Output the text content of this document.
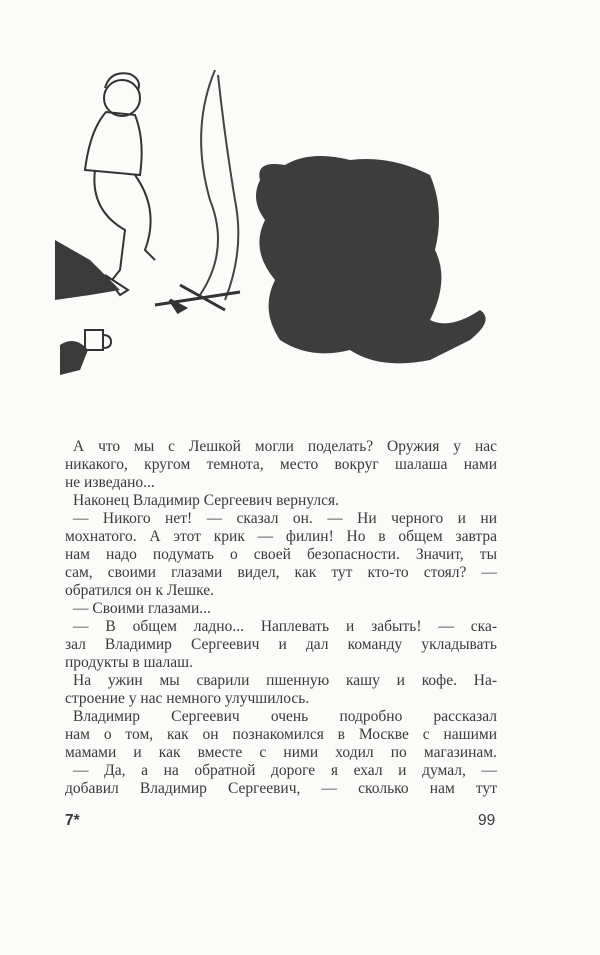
А что мы с Лешкой могли поделать? Оружия у нас
никакого, кругом темнота, место вокруг шалаша нами
не изведано...
Наконец Владимир Сергеевич вернулся.
— Никого нет! — сказал он. — Ни черного и ни
мохнатого. А этот крик — филин! Но в общем завтра
нам надо подумать о своей безопасности. Значит, ты
сам, своими глазами видел, как тут кто-то стоял? —
обратился он к Лешке.
— Своими глазами...
— В общем ладно... Наплевать и забыть! — ска-
зал Владимир Сергеевич и дал команду укладывать
продукты в шалаш.
На ужин мы сварили пшенную кашу и кофе. На-
строение у нас немного улучшилось.
Владимир Сергеевич очень подробно рассказал
нам о том, как он познакомился в Москве с нашими
мамами и как вместе с ними ходил по магазинам.
— Да, а на обратной дороге я ехал и думал, —
добавил Владимир Сергеевич, — сколько нам тут
7*	99
